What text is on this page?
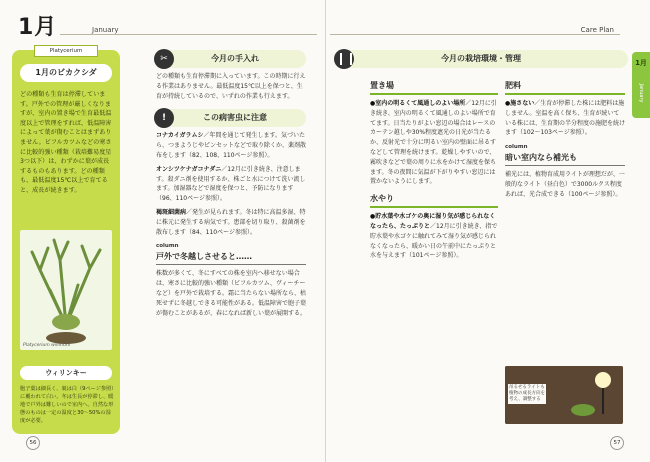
1月	January
Platycerium
1月のビカクシダ
どの種類も生育は停滞しています。戸外での管理が厳しくなりますが、室内の置き場で生育最低温度以上で管理をすれば、低温障害によって葉が傷むことはまずありません。ビフルカツムなどの寒さに比較的強い種類（栽培難易度星3つ以下）は、わずかに葉が成長するものもあります。どの種類も、最低温度15℃以上で育てると、成長が続きます。
Platycerium willinckii
ウィリンキー
胞子葉は細長く、裏は白（9ページ参照）に覆われて白い。冬は生長が停滞し、暖地で戸外は難しいので室内へ。自然な形態のものは一定の温度と30〜50%の湿度が必要。
✂	今月の手入れ
どの種類も生育停滞期に入っています。この時期に行える作業はありません。最低温度15℃以上を保つと、生育が持続しているので、いずれの作業も行えます。
!	この病害虫に注意
コナカイガラムシ／年間を通じて発生します。気づいたら、つまようじやピンセットなどで取り除くか、薬剤散布をします（82、108、110ページ参照）。
オンシツケナガコナダニ／12月に引き続き、注意します。殺ダニ剤を使用するか、株ごと水につけて洗い流します。加湿器などで湿度を保つと、予防になります（96、110ページ参照）。
褐斑細菌病／発生が見られます。冬は特に高温多湿、特に株元に発生する病気です。患部を切り取り、殺菌剤を散布します（84、110ページ参照）。
column
戸外で冬越しさせると……
株数が多くて、冬にすべての株を室内へ移せない場合は、寒さに比較的強い種類（ビフルカツム、ヴィーチーなど）を戸外で栽培する。霜に当たらない場所なら、枯死せずに冬越しできる可能性がある。低温障害で胞子葉が傷むことがあるが、春になれば新しい葉が展開する。
56
Care Plan
1月
January
今月の栽培環境・管理
置き場
●室内の明るくて風通しのよい場所／12月に引き続き、室内の明るくて風通しのよい場所で育てます。日当たりがよい窓辺の場合はレースのカーテン越しや30%程度遮光の日光が当たるか、反射光で十分に明るい室内の壁面に吊るすなどして管理を続けます。乾燥しやすいので、霧吹きなどで葉の周りに水をかけて湿度を保ちます。冬の夜間に気温が下がりやすい窓辺には置かないようにします。
水やり
●貯水葉や水ゴケの奥に湿り気が感じられなくなったら、たっぷりと／12月に引き続き、指で貯水葉や水ゴケに触れてみて湿り気が感じられなくなったら、暖かい日の午前中にたっぷりと水を与えます（101ページ参照）。
肥料
●施さない／生育が停滞した株には肥料は施しません。室温を高く保ち、生育が続いている株には、生育期の半分程度の施肥を続けます（102〜103ページ参照）。
column
暗い室内なら補光も
補光には、植物育成用ライトが理想だが、一般的なライト（昼白色）で3000ルクス程度あれば、光合成できる（100ページ参照）。
吊るせるライトも植物の成長方向を考え、調整する
57
